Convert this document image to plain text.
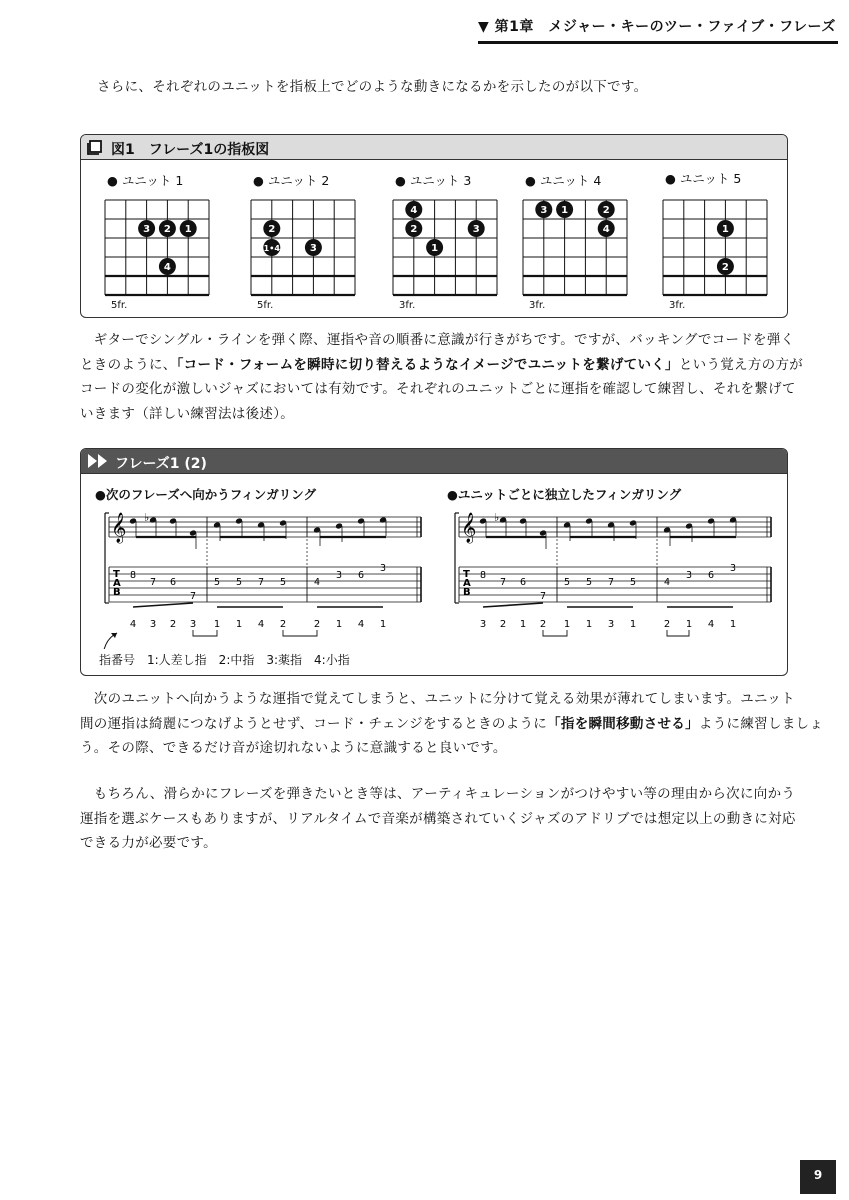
▼ 第1章　メジャー・キーのツー・ファイブ・フレーズ
さらに、それぞれのユニットを指板上でどのような動きになるかを示したのが以下です。
図1　フレーズ1の指板図
● ユニット 1
3 2 1
4
5fr.
● ユニット 2
2
1•4	3
5fr.
● ユニット 3
4
2	3
1
3fr.
● ユニット 4
3 1	2
4
3fr.
● ユニット 5
1
2
3fr.
　ギターでシングル・ラインを弾く際、運指や音の順番に意識が行きがちです。ですが、バッキングでコードを弾く
ときのように、「コード・フォームを瞬時に切り替えるようなイメージでユニットを繋げていく」という覚え方の方が
コードの変化が激しいジャズにおいては有効です。それぞれのユニットごとに運指を確認して練習し、それを繋げて
いきます（詳しい練習法は後述）。
フレーズ1 (2)
●次のフレーズへ向かうフィンガリング	●ユニットごとに独立したフィンガリング
𝄞
T
A
B
♭
8
7 6
7
5 5 7 5	4
3 6
3
4 3 2 3 1 1 4 2	2 1 4 1
𝄞
T
A
B
♭
8
7 6
7
5 5 7 5	4
3 6
3
3 2 1 2 1 1 3 1	2 1 4 1
指番号　1:人差し指　2:中指　3:薬指　4:小指
　次のユニットへ向かうような運指で覚えてしまうと、ユニットに分けて覚える効果が薄れてしまいます。ユニット
間の運指は綺麗につなげようとせず、コード・チェンジをするときのように「指を瞬間移動させる」ように練習しましょ
う。その際、できるだけ音が途切れないように意識すると良いです。
　もちろん、滑らかにフレーズを弾きたいとき等は、アーティキュレーションがつけやすい等の理由から次に向かう
運指を選ぶケースもありますが、リアルタイムで音楽が構築されていくジャズのアドリブでは想定以上の動きに対応
できる力が必要です。
9
